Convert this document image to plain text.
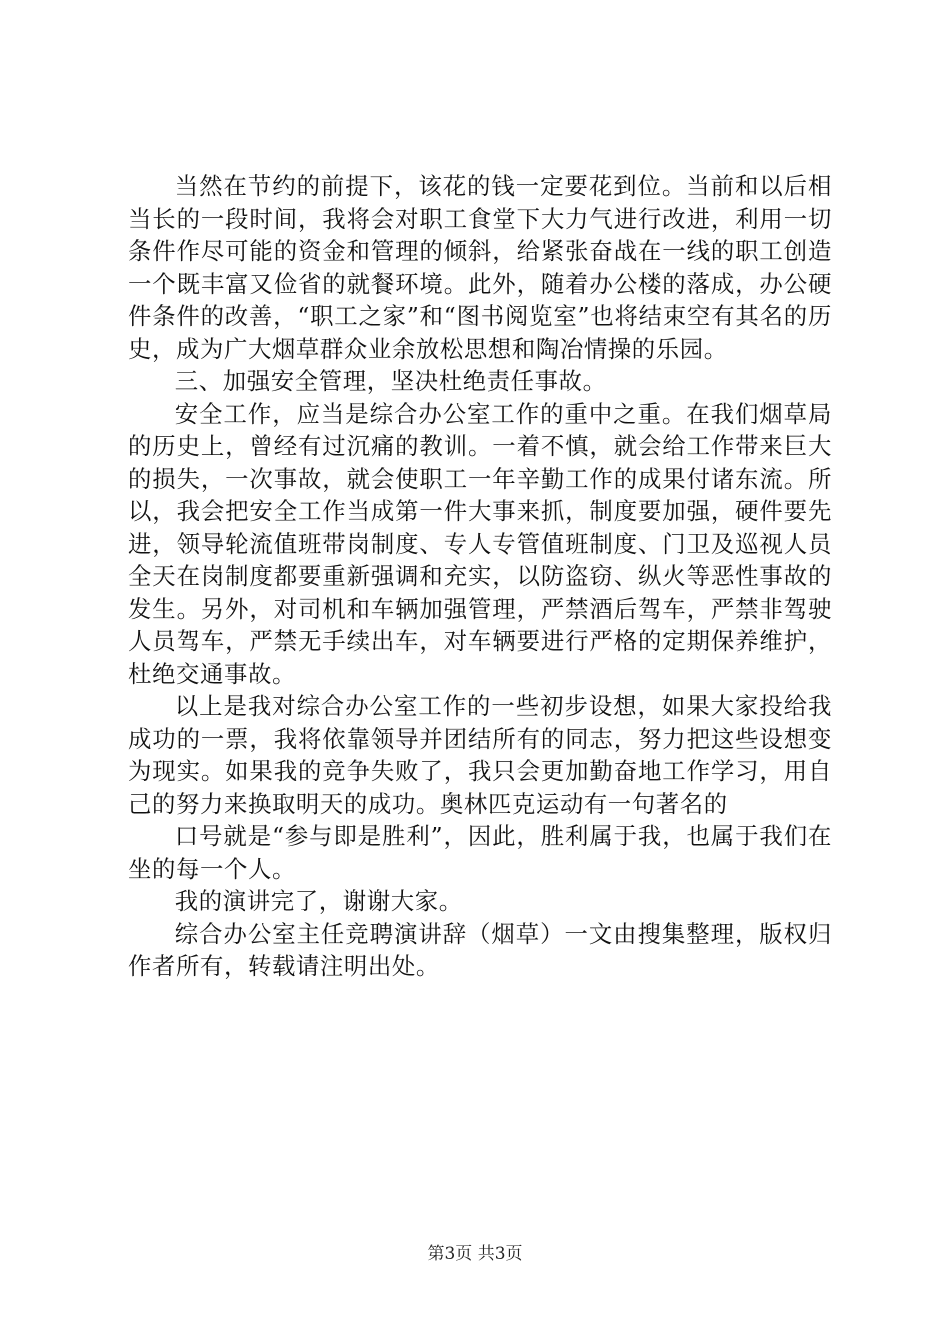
当然在节约的前提下，该花的钱一定要花到位。当前和以后相当长的一段时间，我将会对职工食堂下大力气进行改进，利用一切条件作尽可能的资金和管理的倾斜，给紧张奋战在一线的职工创造一个既丰富又俭省的就餐环境。此外，随着办公楼的落成，办公硬件条件的改善，“职工之家”和“图书阅览室”也将结束空有其名的历史，成为广大烟草群众业余放松思想和陶冶情操的乐园。

三、加强安全管理，坚决杜绝责任事故。

安全工作，应当是综合办公室工作的重中之重。在我们烟草局的历史上，曾经有过沉痛的教训。一着不慎，就会给工作带来巨大的损失，一次事故，就会使职工一年辛勤工作的成果付诸东流。所以，我会把安全工作当成第一件大事来抓，制度要加强，硬件要先进，领导轮流值班带岗制度、专人专管值班制度、门卫及巡视人员全天在岗制度都要重新强调和充实，以防盗窃、纵火等恶性事故的发生。另外，对司机和车辆加强管理，严禁酒后驾车，严禁非驾驶人员驾车，严禁无手续出车，对车辆要进行严格的定期保养维护，杜绝交通事故。

以上是我对综合办公室工作的一些初步设想，如果大家投给我成功的一票，我将依靠领导并团结所有的同志，努力把这些设想变为现实。如果我的竞争失败了，我只会更加勤奋地工作学习，用自己的努力来换取明天的成功。奥林匹克运动有一句著名的

口号就是“参与即是胜利”，因此，胜利属于我，也属于我们在坐的每一个人。

我的演讲完了，谢谢大家。

综合办公室主任竞聘演讲辞（烟草）一文由搜集整理，版权归作者所有，转载请注明出处。

第3页 共3页
